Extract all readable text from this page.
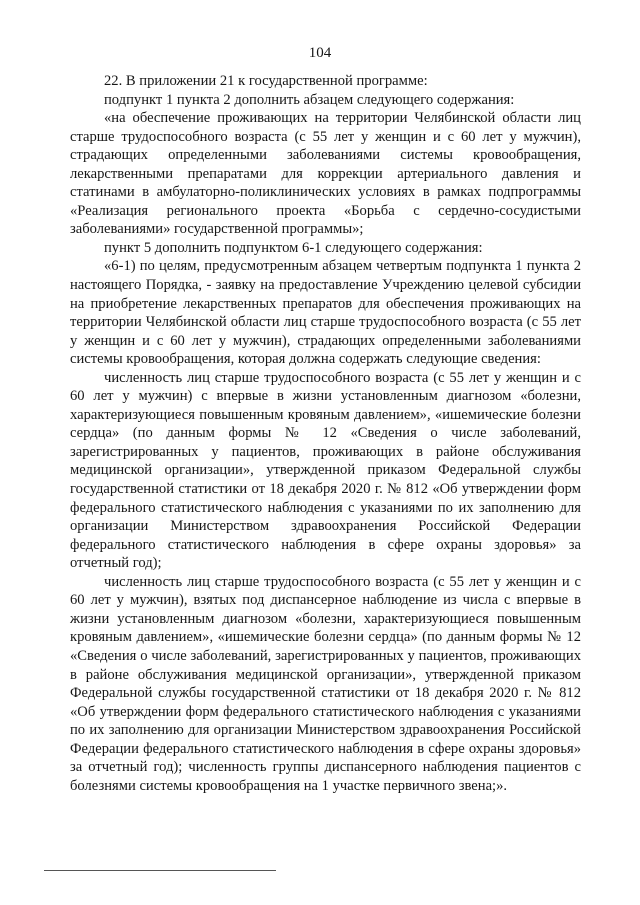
104

22. В приложении 21 к государственной программе:

подпункт 1 пункта 2 дополнить абзацем следующего содержания:

«на обеспечение проживающих на территории Челябинской области лиц старше трудоспособного возраста (с 55 лет у женщин и с 60 лет у мужчин), страдающих определенными заболеваниями системы кровообращения, лекарственными препаратами для коррекции артериального давления и статинами в амбулаторно-поликлинических условиях в рамках подпрограммы «Реализация регионального проекта «Борьба с сердечно-сосудистыми заболеваниями» государственной программы»;

пункт 5 дополнить подпунктом 6-1 следующего содержания:

«6-1) по целям, предусмотренным абзацем четвертым подпункта 1 пункта 2 настоящего Порядка, - заявку на предоставление Учреждению целевой субсидии на приобретение лекарственных препаратов для обеспечения проживающих на территории Челябинской области лиц старше трудоспособного возраста (с 55 лет у женщин и с 60 лет у мужчин), страдающих определенными заболеваниями системы кровообращения, которая должна содержать следующие сведения:

численность лиц старше трудоспособного возраста (с 55 лет у женщин и с 60 лет у мужчин) с впервые в жизни установленным диагнозом «болезни, характеризующиеся повышенным кровяным давлением», «ишемические болезни сердца» (по данным формы № 12 «Сведения о числе заболеваний, зарегистрированных у пациентов, проживающих в районе обслуживания медицинской организации», утвержденной приказом Федеральной службы государственной статистики от 18 декабря 2020 г. № 812 «Об утверждении форм федерального статистического наблюдения с указаниями по их заполнению для организации Министерством здравоохранения Российской Федерации федерального статистического наблюдения в сфере охраны здоровья» за отчетный год);

численность лиц старше трудоспособного возраста (с 55 лет у женщин и с 60 лет у мужчин), взятых под диспансерное наблюдение из числа с впервые в жизни установленным диагнозом «болезни, характеризующиеся повышенным кровяным давлением», «ишемические болезни сердца» (по данным формы № 12 «Сведения о числе заболеваний, зарегистрированных у пациентов, проживающих в районе обслуживания медицинской организации», утвержденной приказом Федеральной службы государственной статистики от 18 декабря 2020 г. № 812 «Об утверждении форм федерального статистического наблюдения с указаниями по их заполнению для организации Министерством здравоохранения Российской Федерации федерального статистического наблюдения в сфере охраны здоровья» за отчетный год); численность группы диспансерного наблюдения пациентов с болезнями системы кровообращения на 1 участке первичного звена;».
